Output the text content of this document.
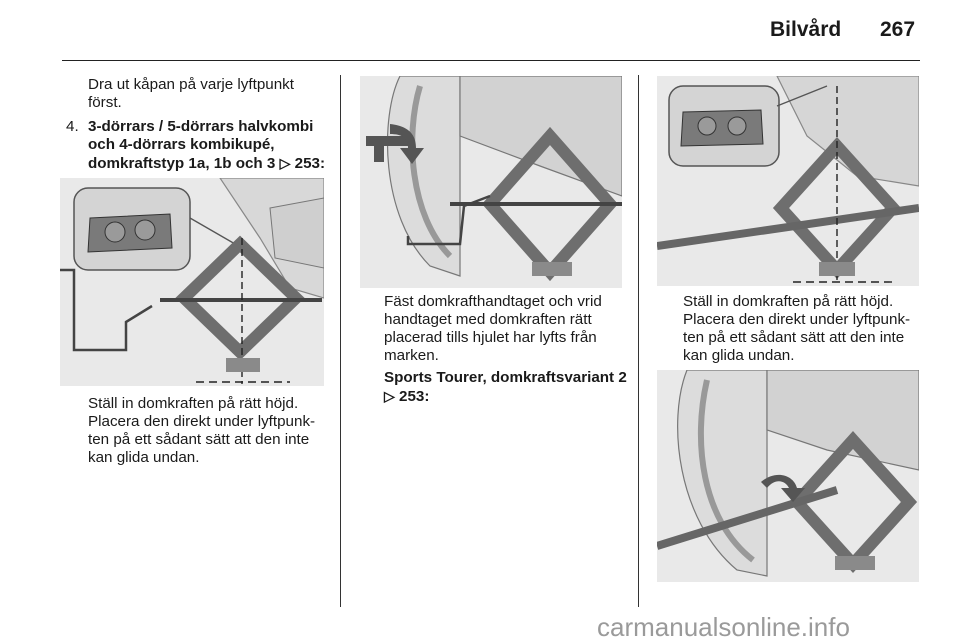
Bilvård 267
Dra ut kåpan på varje lyftpunkt
först.
4. 3-dörrars / 5-dörrars halvkombi
och 4-dörrars kombikupé,
domkraftstyp 1a, 1b och 3 ▷ 253:
Ställ in domkraften på rätt höjd.
Placera den direkt under lyftpunk-
ten på ett sådant sätt att den inte
kan glida undan.
Fäst domkrafthandtaget och vrid
handtaget med domkraften rätt
placerad tills hjulet har lyfts från
marken.
Sports Tourer, domkraftsvariant 2
▷ 253:
Ställ in domkraften på rätt höjd.
Placera den direkt under lyftpunk-
ten på ett sådant sätt att den inte
kan glida undan.
carmanualsonline.info
